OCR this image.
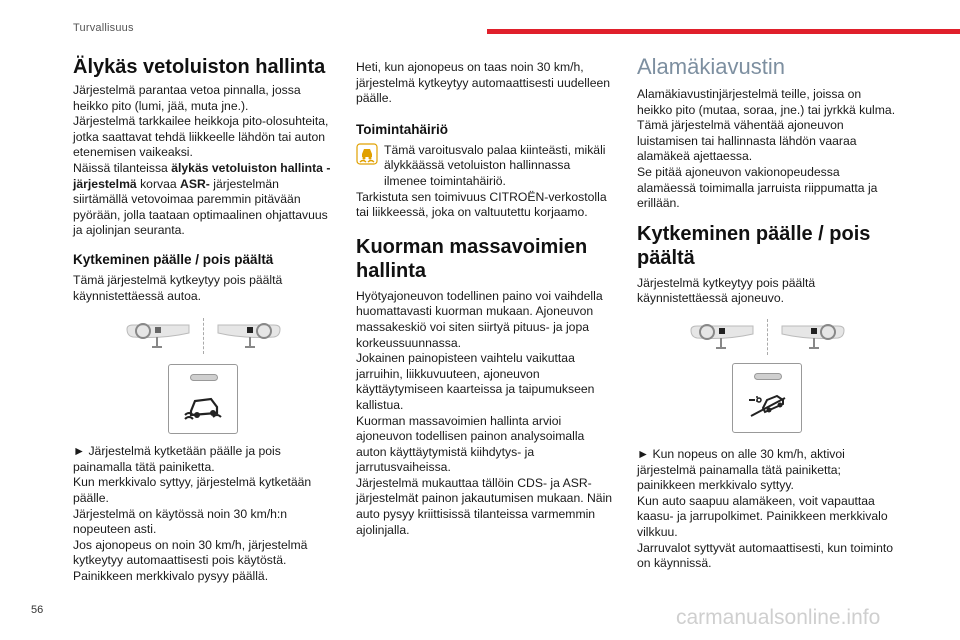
Turvallisuus
Älykäs vetoluiston hallinta

Järjestelmä parantaa vetoa pinnalla, jossa heikko pito (lumi, jää, muta jne.).

Järjestelmä tarkkailee heikkoja pito-olosuhteita, jotka saattavat tehdä liikkeelle lähdön tai auton etenemisen vaikeaksi.

Näissä tilanteissa älykäs vetoluiston hallinta -järjestelmä korvaa ASR- järjestelmän siirtämällä vetovoimaa paremmin pitävään pyörään, jolla taataan optimaalinen ohjattavuus ja ajolinjan seuranta.

Kytkeminen päälle / pois päältä

Tämä järjestelmä kytkeytyy pois päältä käynnistettäessä autoa.

► Järjestelmä kytketään päälle ja pois painamalla tätä painiketta.

Kun merkkivalo syttyy, järjestelmä kytketään päälle.

Järjestelmä on käytössä noin 30 km/h:n nopeuteen asti.

Jos ajonopeus on noin 30 km/h, järjestelmä kytkeytyy automaattisesti pois käytöstä.

Painikkeen merkkivalo pysyy päällä.

Heti, kun ajonopeus on taas noin 30 km/h, järjestelmä kytkeytyy automaattisesti uudelleen päälle.

Toimintahäiriö

Tämä varoitusvalo palaa kiinteästi, mikäli älykkäässä vetoluiston hallinnassa ilmenee toimintahäiriö.

Tarkistuta sen toimivuus CITROËN-verkostolla tai liikkeessä, joka on valtuutettu korjaamo.

Kuorman massavoimien hallinta

Hyötyajoneuvon todellinen paino voi vaihdella huomattavasti kuorman mukaan. Ajoneuvon massakeskiö voi siten siirtyä pituus- ja jopa korkeussuunnassa.

Jokainen painopisteen vaihtelu vaikuttaa jarruihin, liikkuvuuteen, ajoneuvon käyttäytymiseen kaarteissa ja taipumukseen kallistua.

Kuorman massavoimien hallinta arvioi ajoneuvon todellisen painon analysoimalla auton käyttäytymistä kiihdytys- ja jarrutusvaiheissa.

Järjestelmä mukauttaa tällöin CDS- ja ASR-järjestelmät painon jakautumisen mukaan. Näin auto pysyy kriittisissä tilanteissa varmemmin ajolinjalla.

Alamäkiavustin

Alamäkiavustinjärjestelmä teille, joissa on heikko pito (mutaa, soraa, jne.) tai jyrkkä kulma.

Tämä järjestelmä vähentää ajoneuvon luistamisen tai hallinnasta lähdön vaaraa alamäkeä ajettaessa.

Se pitää ajoneuvon vakionopeudessa alamäessä toimimalla jarruista riippumatta ja erillään.

Kytkeminen päälle / pois päältä

Järjestelmä kytkeytyy pois päältä käynnistettäessä ajoneuvo.

► Kun nopeus on alle 30 km/h, aktivoi järjestelmä painamalla tätä painiketta; painikkeen merkkivalo syttyy.

Kun auto saapuu alamäkeen, voit vapauttaa kaasu- ja jarrupolkimet. Painikkeen merkkivalo vilkkuu.

Jarruvalot syttyvät automaattisesti, kun toiminto on käynnissä.

56	carmanualsonline.info
